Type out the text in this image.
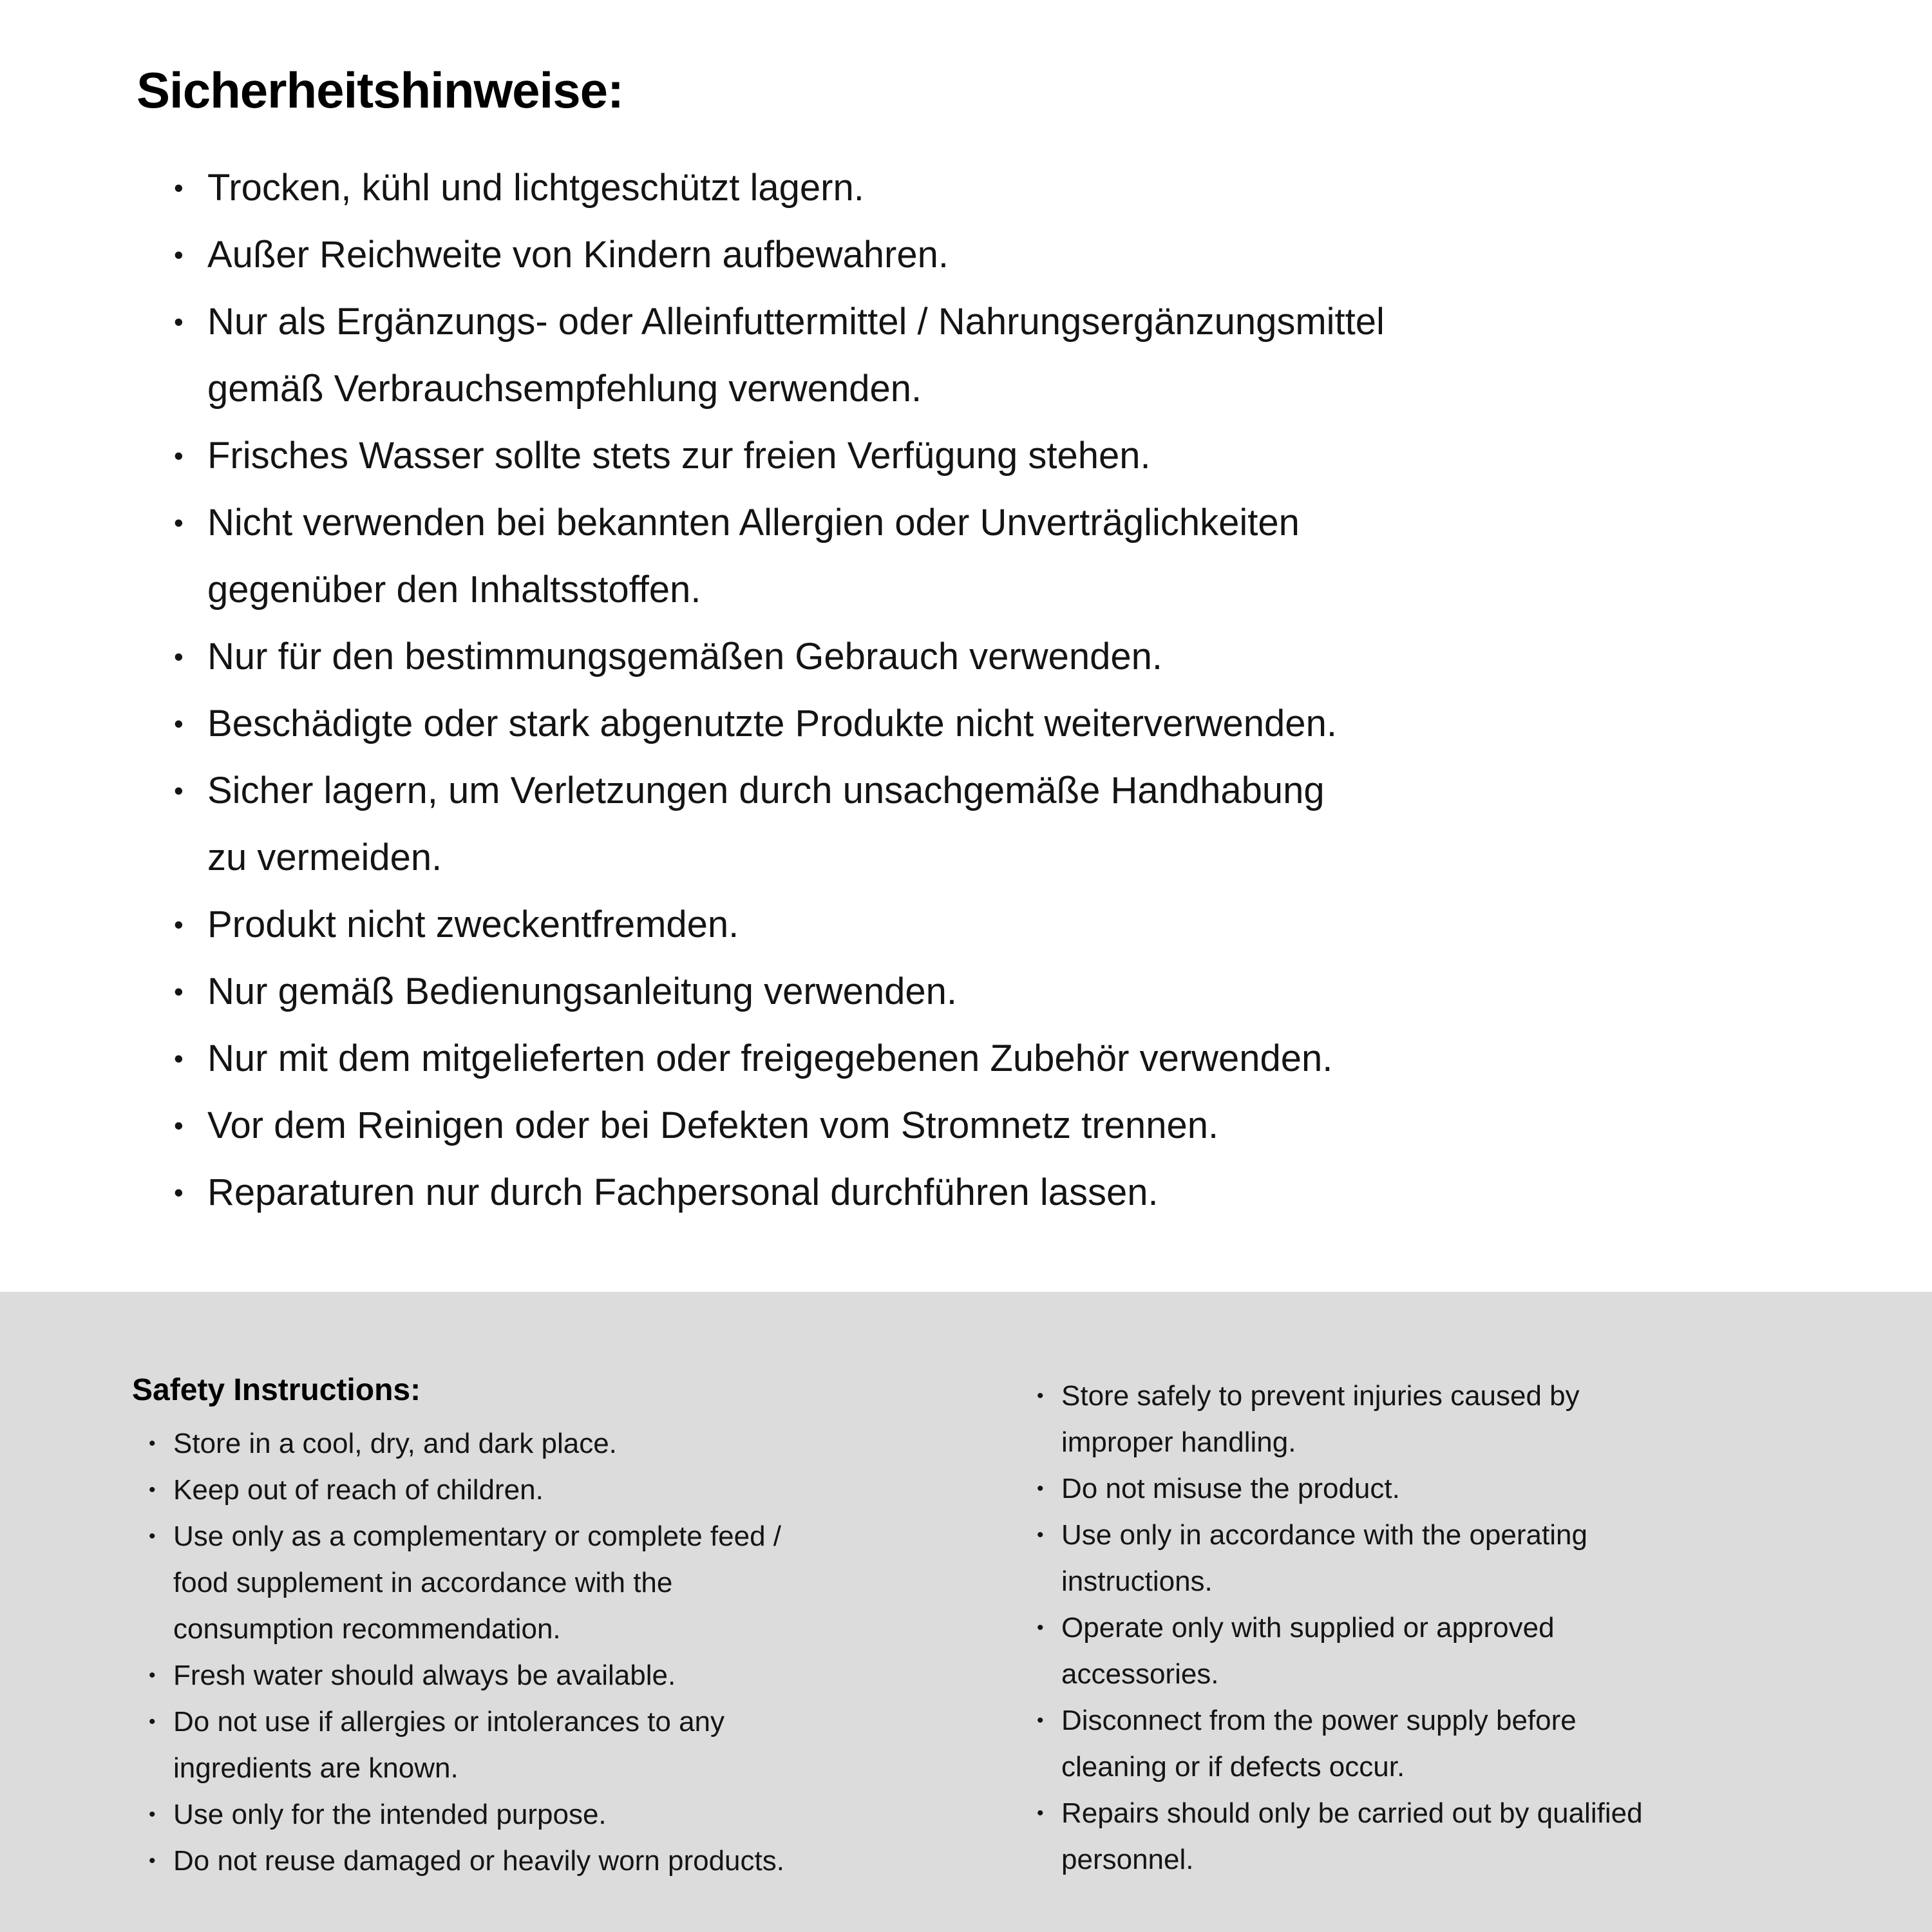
Sicherheitshinweise:
• Trocken, kühl und lichtgeschützt lagern.
• Außer Reichweite von Kindern aufbewahren.
• Nur als Ergänzungs- oder Alleinfuttermittel / Nahrungsergänzungsmittel
gemäß Verbrauchsempfehlung verwenden.
• Frisches Wasser sollte stets zur freien Verfügung stehen.
• Nicht verwenden bei bekannten Allergien oder Unverträglichkeiten
gegenüber den Inhaltsstoffen.
• Nur für den bestimmungsgemäßen Gebrauch verwenden.
• Beschädigte oder stark abgenutzte Produkte nicht weiterverwenden.
• Sicher lagern, um Verletzungen durch unsachgemäße Handhabung
zu vermeiden.
• Produkt nicht zweckentfremden.
• Nur gemäß Bedienungsanleitung verwenden.
• Nur mit dem mitgelieferten oder freigegebenen Zubehör verwenden.
• Vor dem Reinigen oder bei Defekten vom Stromnetz trennen.
• Reparaturen nur durch Fachpersonal durchführen lassen.
Safety Instructions:
• Store in a cool, dry, and dark place.
• Keep out of reach of children.
• Use only as a complementary or complete feed /
food supplement in accordance with the
consumption recommendation.
• Fresh water should always be available.
• Do not use if allergies or intolerances to any
ingredients are known.
• Use only for the intended purpose.
• Do not reuse damaged or heavily worn products.
• Store safely to prevent injuries caused by
improper handling.
• Do not misuse the product.
• Use only in accordance with the operating
instructions.
• Operate only with supplied or approved
accessories.
• Disconnect from the power supply before
cleaning or if defects occur.
• Repairs should only be carried out by qualified
personnel.
